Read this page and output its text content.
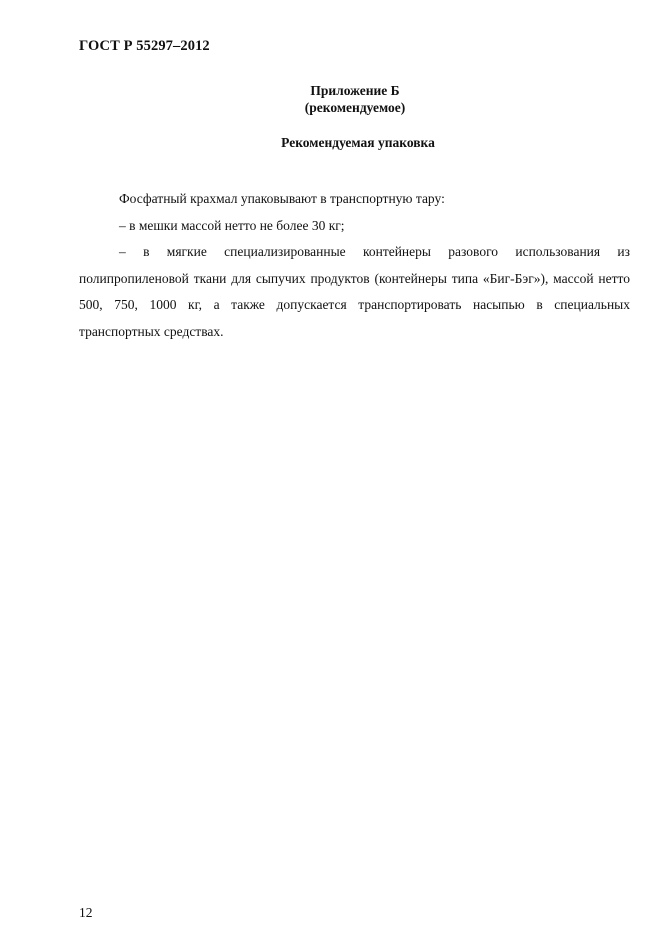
ГОСТ Р 55297–2012
Приложение Б
(рекомендуемое)
Рекомендуемая упаковка

Фосфатный крахмал упаковывают в транспортную тару:

– в мешки массой нетто не более 30 кг;

– в мягкие специализированные контейнеры разового использования из полипропиленовой ткани для сыпучих продуктов (контейнеры типа «Биг-Бэг»), массой нетто 500, 750, 1000 кг, а также допускается транспортировать насыпью в специальных транспортных средствах.

12
